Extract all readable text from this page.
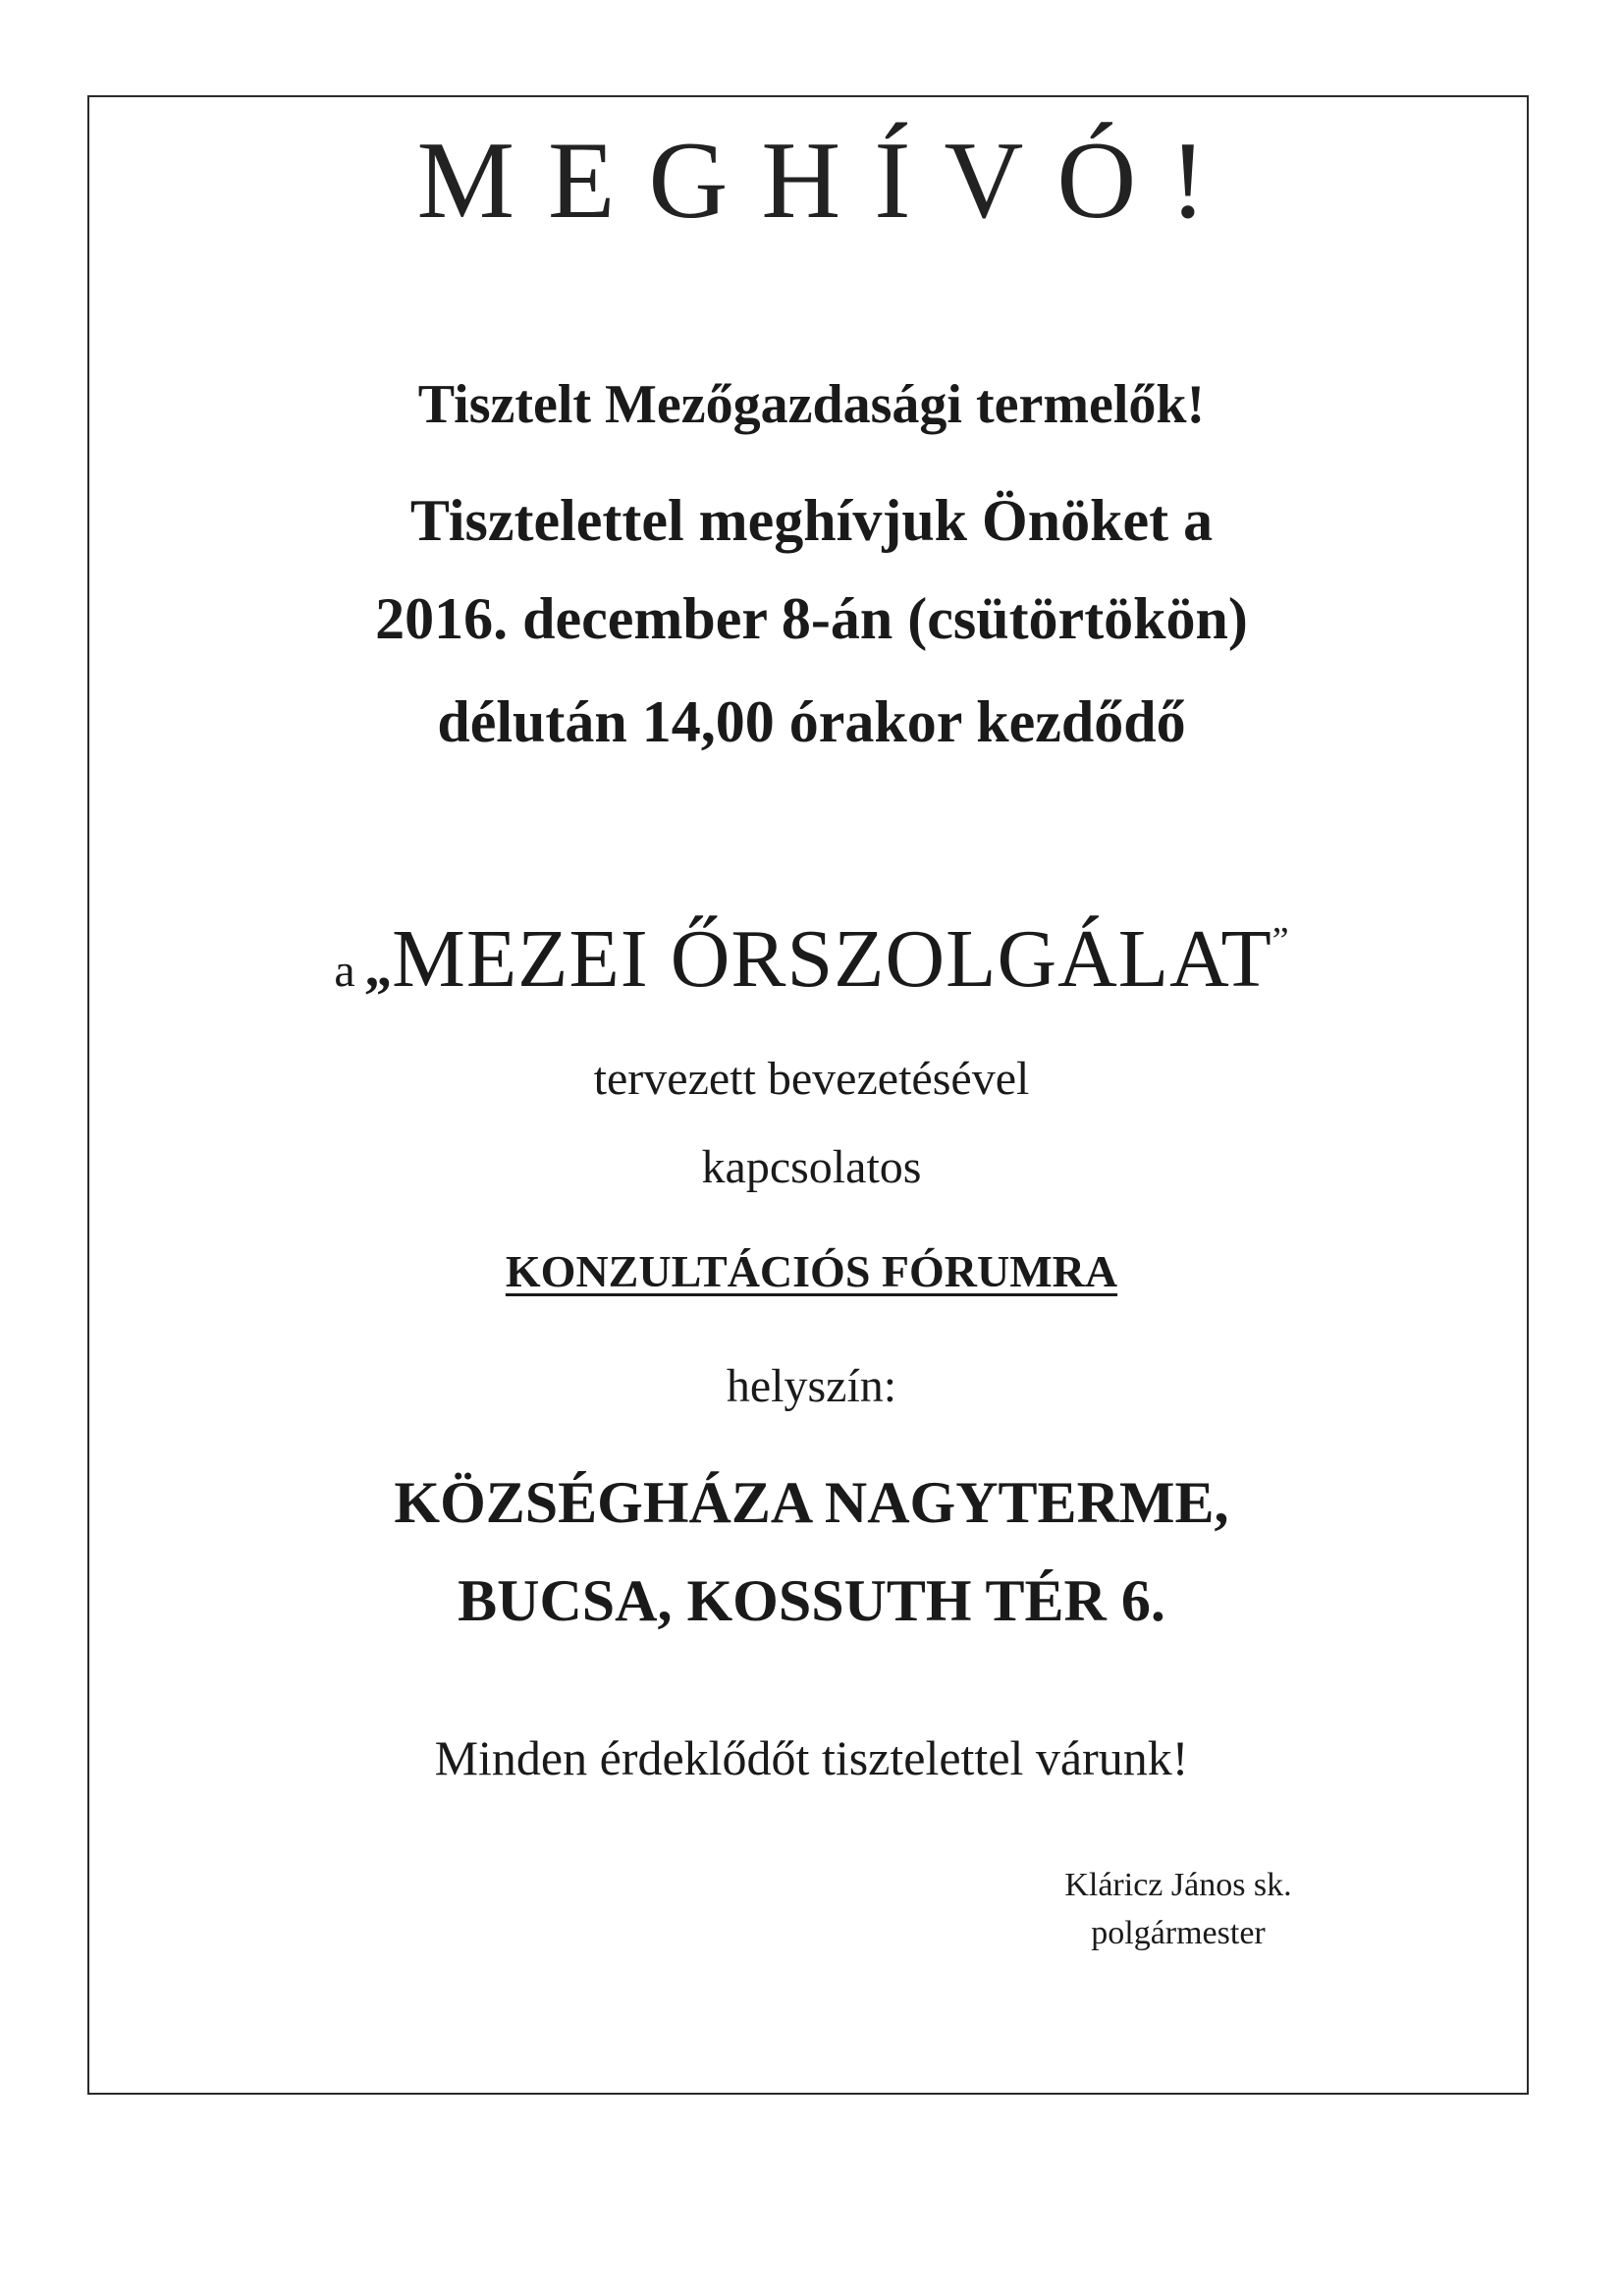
MEGHÍVÓ!
Tisztelt Mezőgazdasági termelők!
Tisztelettel meghívjuk Önöket a
2016. december 8-án (csütörtökön)
délután 14,00 órakor kezdődő
a „MEZEI ŐRSZOLGÁLAT”
tervezett bevezetésével
kapcsolatos
KONZULTÁCIÓS FÓRUMRA
helyszín:
KÖZSÉGHÁZA NAGYTERME,
BUCSA, KOSSUTH TÉR 6.
Minden érdeklődőt tisztelettel várunk!
Kláricz János sk.
polgármester
